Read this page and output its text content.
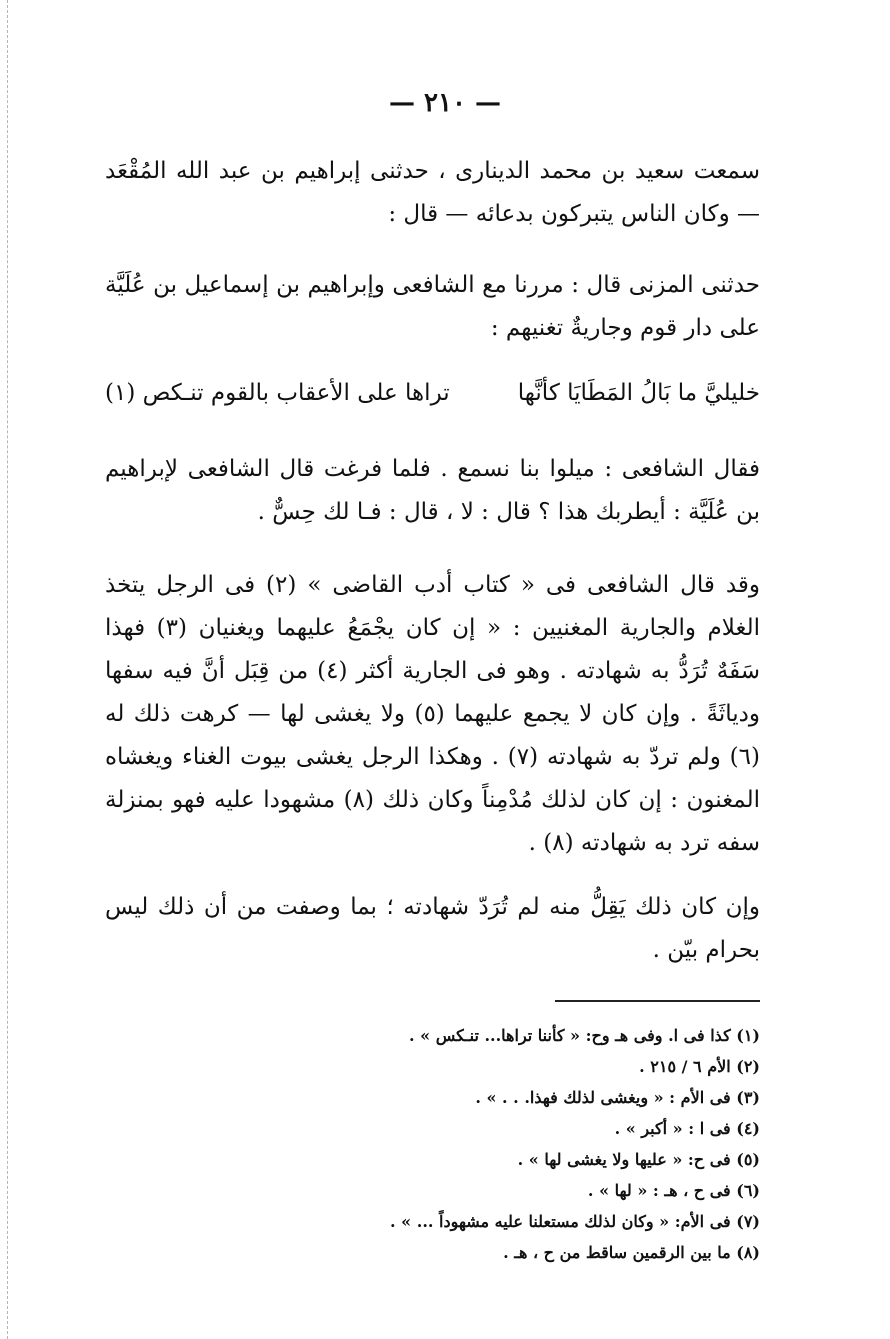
— ٢١٠ —

سمعت سعيد بن محمد الدينارى ، حدثنى إبراهيم بن عبد الله المُقْعَد — وكان الناس يتبركون بدعائه — قال :

حدثنى المزنى قال : مررنا مع الشافعى وإبراهيم بن إسماعيل بن عُلَيَّة على دار قوم وجاريةٌ تغنيهم :

خليليَّ ما بَالُ المَطَايَا كأنَّها
تراها على الأعقاب بالقوم تنـكص (١)

فقال الشافعى : ميلوا بنا نسمع . فلما فرغت قال الشافعى لإبراهيم بن عُلَيَّة : أيطربك هذا ؟ قال : لا ، قال : فـا لك حِسٌّ .

وقد قال الشافعى فى « كتاب أدب القاضى » (٢) فى الرجل يتخذ الغلام والجارية المغنيين : « إن كان يجْمَعُ عليهما ويغنيان (٣) فهذا سَفَهٌ تُرَدُّ به شهادته . وهو فى الجارية أكثر (٤) من قِبَل أنَّ فيه سفها ودياثَةً . وإن كان لا يجمع عليهما (٥) ولا يغشى لها — كرهت ذلك له (٦) ولم تردّ به شهادته (٧) . وهكذا الرجل يغشى بيوت الغناء ويغشاه المغنون : إن كان لذلك مُدْمِناً وكان ذلك (٨) مشهودا عليه فهو بمنزلة سفه ترد به شهادته (٨) .

وإن كان ذلك يَقِلُّ منه لم تُرَدّ شهادته ؛ بما وصفت من أن ذلك ليس بحرام بيّن .

(١) كذا فى ا. وفى هـ وح: « كأننا تراها... تنـكس » .
(٢) الأم ٦ / ٢١٥ .
(٣) فى الأم : « ويغشى لذلك فهذا. . . » .
(٤) فى ا : « أكبر » .
(٥) فى ح: « عليها ولا يغشى لها » .
(٦) فى ح ، هـ : « لها » .
(٧) فى الأم: « وكان لذلك مستعلنا عليه مشهوداً ... » .
(٨) ما بين الرقمين ساقط من ح ، هـ .
